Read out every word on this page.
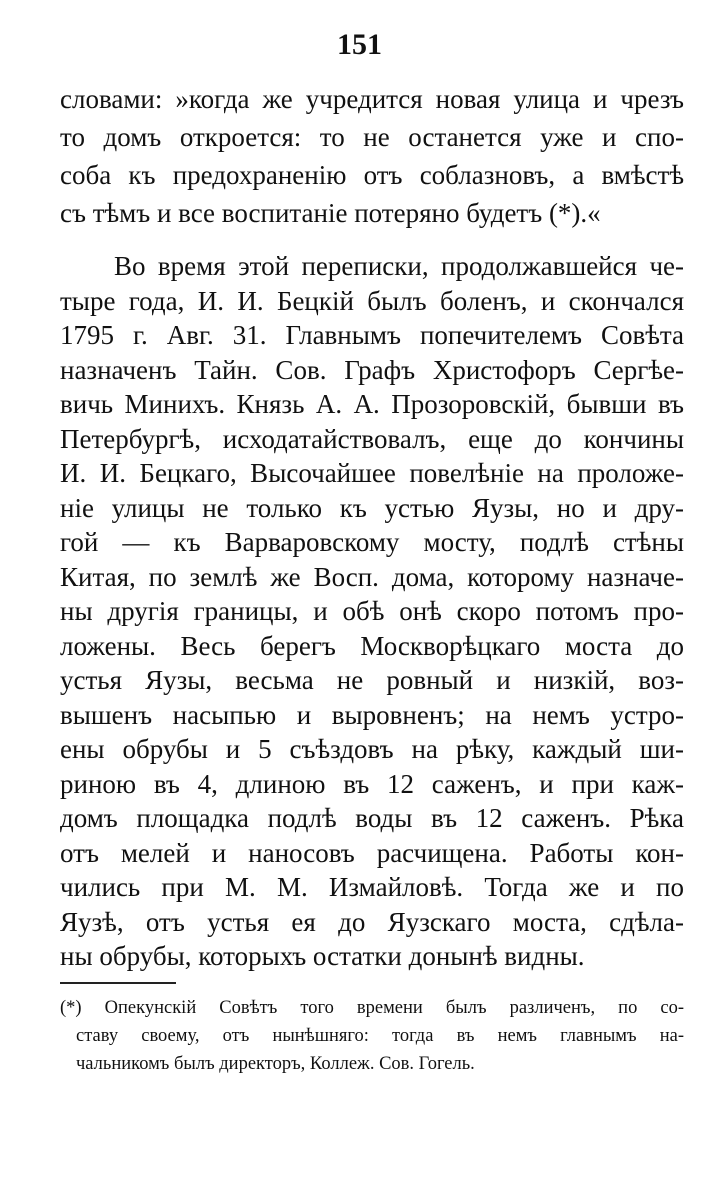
151
словами: »когда же учредится новая улица и чрезъ
то домъ откроется: то не останется уже и спо-
соба къ предохраненію отъ соблазновъ, а вмѣстѣ
съ тѣмъ и все воспитаніе потеряно будетъ (*).«
Во время этой переписки, продолжавшейся че-
тыре года, И. И. Бецкій былъ боленъ, и скончался
1795 г. Авг. 31. Главнымъ попечителемъ Совѣта
назначенъ Тайн. Сов. Графъ Христофоръ Сергѣе-
вичь Минихъ. Князь А. А. Прозоровскій, бывши въ
Петербургѣ, исходатайствовалъ, еще до кончины
И. И. Бецкаго, Высочайшее повелѣніе на проложе-
ніе улицы не только къ устью Яузы, но и дру-
гой — къ Варваровскому мосту, подлѣ стѣны
Китая, по землѣ же Восп. дома, которому назначе-
ны другія границы, и обѣ онѣ скоро потомъ про-
ложены. Весь берегъ Москворѣцкаго моста до
устья Яузы, весьма не ровный и низкій, воз-
вышенъ насыпью и выровненъ; на немъ устро-
ены обрубы и 5 съѣздовъ на рѣку, каждый ши-
риною въ 4, длиною въ 12 саженъ, и при каж-
домъ площадка подлѣ воды въ 12 саженъ. Рѣка
отъ мелей и наносовъ расчищена. Работы кон-
чились при М. М. Измайловѣ. Тогда же и по
Яузѣ, отъ устья ея до Яузскаго моста, сдѣла-
ны обрубы, которыхъ остатки донынѣ видны.
(*) Опекунскій Совѣтъ того времени былъ различенъ, по со-
ставу своему, отъ нынѣшняго: тогда въ немъ главнымъ на-
чальникомъ былъ директоръ, Коллеж. Сов. Гогель.
